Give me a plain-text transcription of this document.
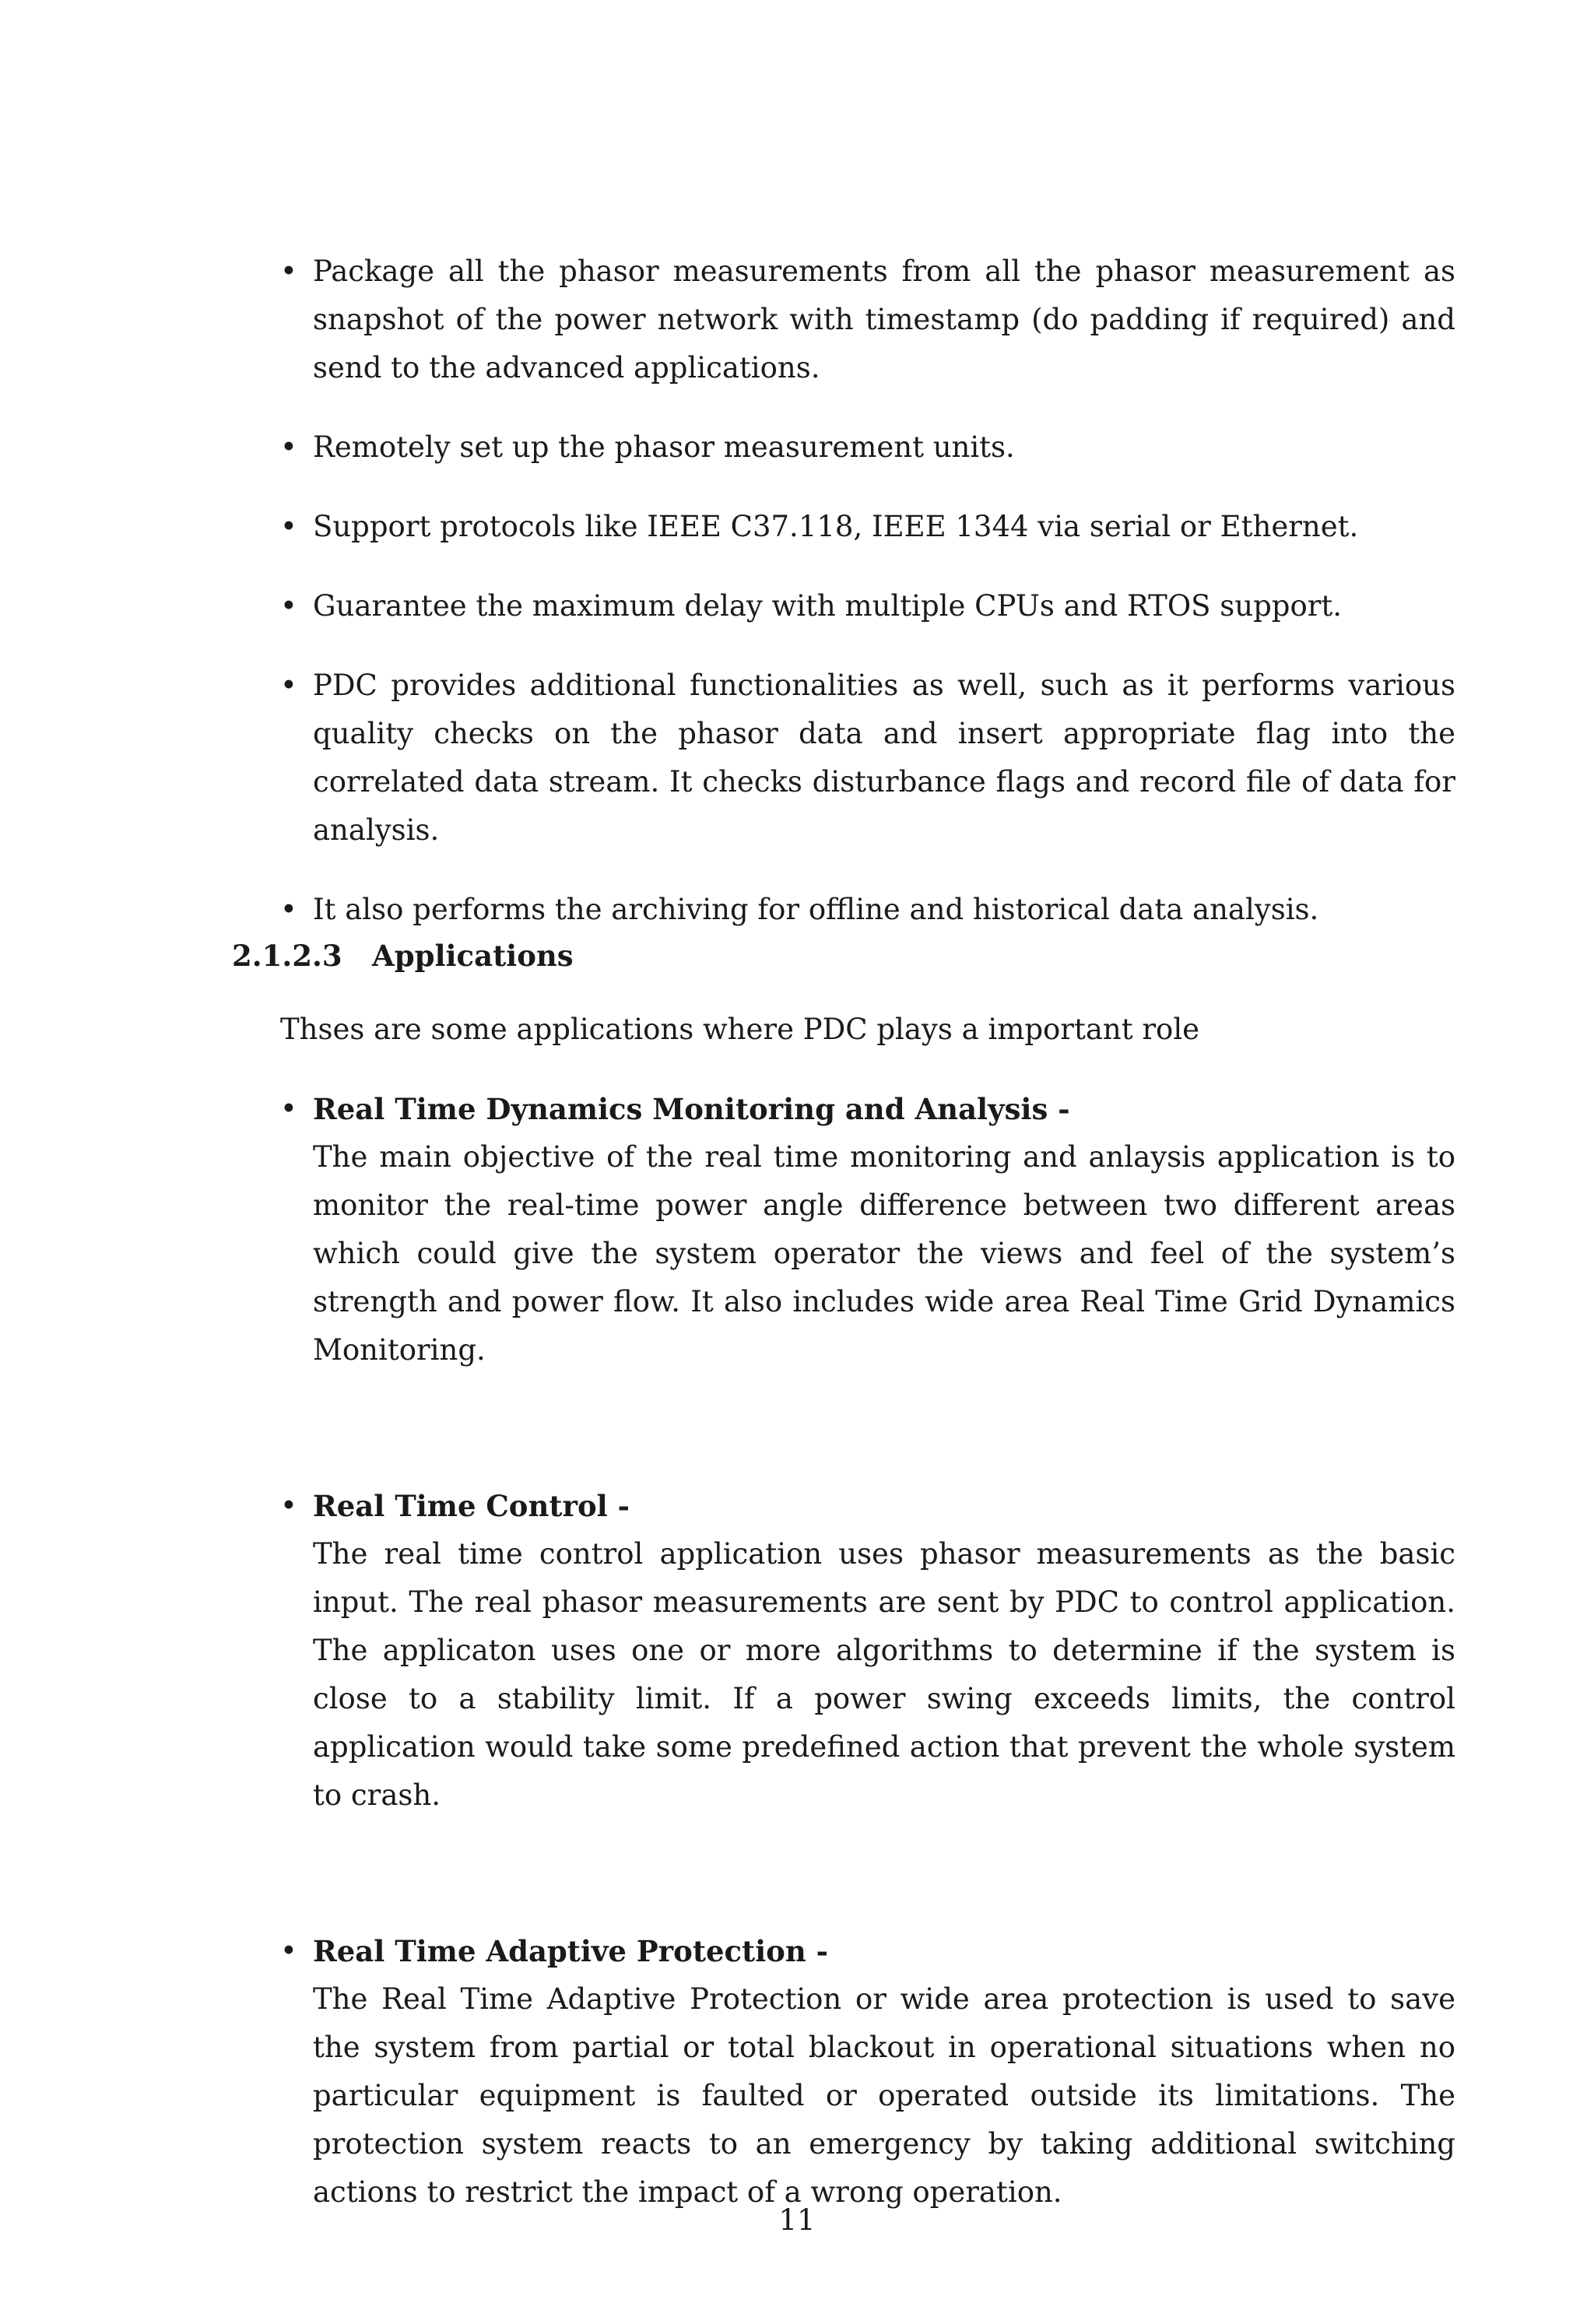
• Package all the phasor measurements from all the phasor measurement as snapshot of the power network with timestamp (do padding if required) and send to the advanced applications.
• Remotely set up the phasor measurement units.
• Support protocols like IEEE C37.118, IEEE 1344 via serial or Ethernet.
• Guarantee the maximum delay with multiple CPUs and RTOS support.
• PDC provides additional functionalities as well, such as it performs various quality checks on the phasor data and insert appropriate flag into the correlated data stream. It checks disturbance flags and record file of data for analysis.
• It also performs the archiving for offline and historical data analysis.
2.1.2.3 Applications
Thses are some applications where PDC plays a important role
• Real Time Dynamics Monitoring and Analysis -
The main objective of the real time monitoring and anlaysis application is to monitor the real-time power angle difference between two different areas which could give the system operator the views and feel of the system’s strength and power flow. It also includes wide area Real Time Grid Dynamics Monitoring.
• Real Time Control -
The real time control application uses phasor measurements as the basic input. The real phasor measurements are sent by PDC to control application. The applicaton uses one or more algorithms to determine if the system is close to a stability limit. If a power swing exceeds limits, the control application would take some predefined action that prevent the whole system to crash.
• Real Time Adaptive Protection -
The Real Time Adaptive Protection or wide area protection is used to save the system from partial or total blackout in operational situations when no particular equipment is faulted or operated outside its limitations. The protection system reacts to an emergency by taking additional switching actions to restrict the impact of a wrong operation.
11
